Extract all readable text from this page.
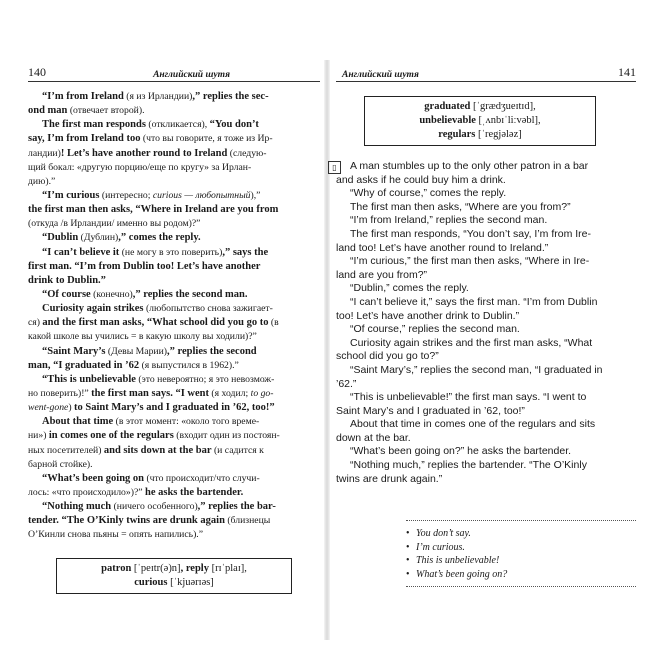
140	Английский шутя
“I’m from Ireland (я из Ирландии),” replies the sec-
ond man (отвечает второй).
The first man responds (откликается), “You don’t
say, I’m from Ireland too (что вы говорите, я тоже из Ир-
ландии)! Let’s have another round to Ireland (следую-
щий бокал: «другую порцию/еще по кругу» за Ирлан-
дию).”
“I’m curious (интересно; curious — любопытный),”
the first man then asks, “Where in Ireland are you from
(откуда /в Ирландии/ именно вы родом)?”
“Dublin (Дублин),” comes the reply.
“I can’t believe it (не могу в это поверить),” says the
first man. “I’m from Dublin too! Let’s have another
drink to Dublin.”
“Of course (конечно),” replies the second man.
Curiosity again strikes (любопытство снова зажигает-
ся) and the first man asks, “What school did you go to (в
какой школе вы учились = в какую школу вы ходили)?”
“Saint Mary’s (Девы Марии),” replies the second
man, “I graduated in ’62 (я выпустился в 1962).”
“This is unbelievable (это невероятно; я это невозмож-
но поверить)!” the first man says. “I went (я ходил; to go-
went-gone) to Saint Mary’s and I graduated in ’62, too!”
About that time (в этот момент: «около того време-
ни») in comes one of the regulars (входит один из постоян-
ных посетителей) and sits down at the bar (и садится к
барной стойке).
“What’s been going on (что происходит/что случи-
лось: «что происходило»)?” he asks the bartender.
“Nothing much (ничего особенного),” replies the bar-
tender. “The O’Kinly twins are drunk again (близнецы
О’Кинли снова пьяны = опять напились).”
patron [ˈpeɪtr(ə)n], reply [rɪˈplaɪ],
curious [ˈkjuərɪəs]
Английский шутя	141
graduated [ˈgrædʒueɪtɪd],
unbelievable [ˌʌnbɪˈliːvəbl],
regulars [ˈregjələz]
▯	A man stumbles up to the only other patron in a bar
and asks if he could buy him a drink.
“Why of course,” comes the reply.
The first man then asks, “Where are you from?”
“I’m from Ireland,” replies the second man.
The first man responds, “You don’t say, I’m from Ire-
land too! Let’s have another round to Ireland.”
“I’m curious,” the first man then asks, “Where in Ire-
land are you from?”
“Dublin,” comes the reply.
“I can’t believe it,” says the first man. “I’m from Dublin
too! Let’s have another drink to Dublin.”
“Of course,” replies the second man.
Curiosity again strikes and the first man asks, “What
school did you go to?”
“Saint Mary’s,” replies the second man, “I graduated in
’62.”
“This is unbelievable!” the first man says. “I went to
Saint Mary’s and I graduated in ’62, too!”
About that time in comes one of the regulars and sits
down at the bar.
“What’s been going on?” he asks the bartender.
“Nothing much,” replies the bartender. “The O’Kinly
twins are drunk again.”
• You don’t say.
• I’m curious.
• This is unbelievable!
• What’s been going on?
